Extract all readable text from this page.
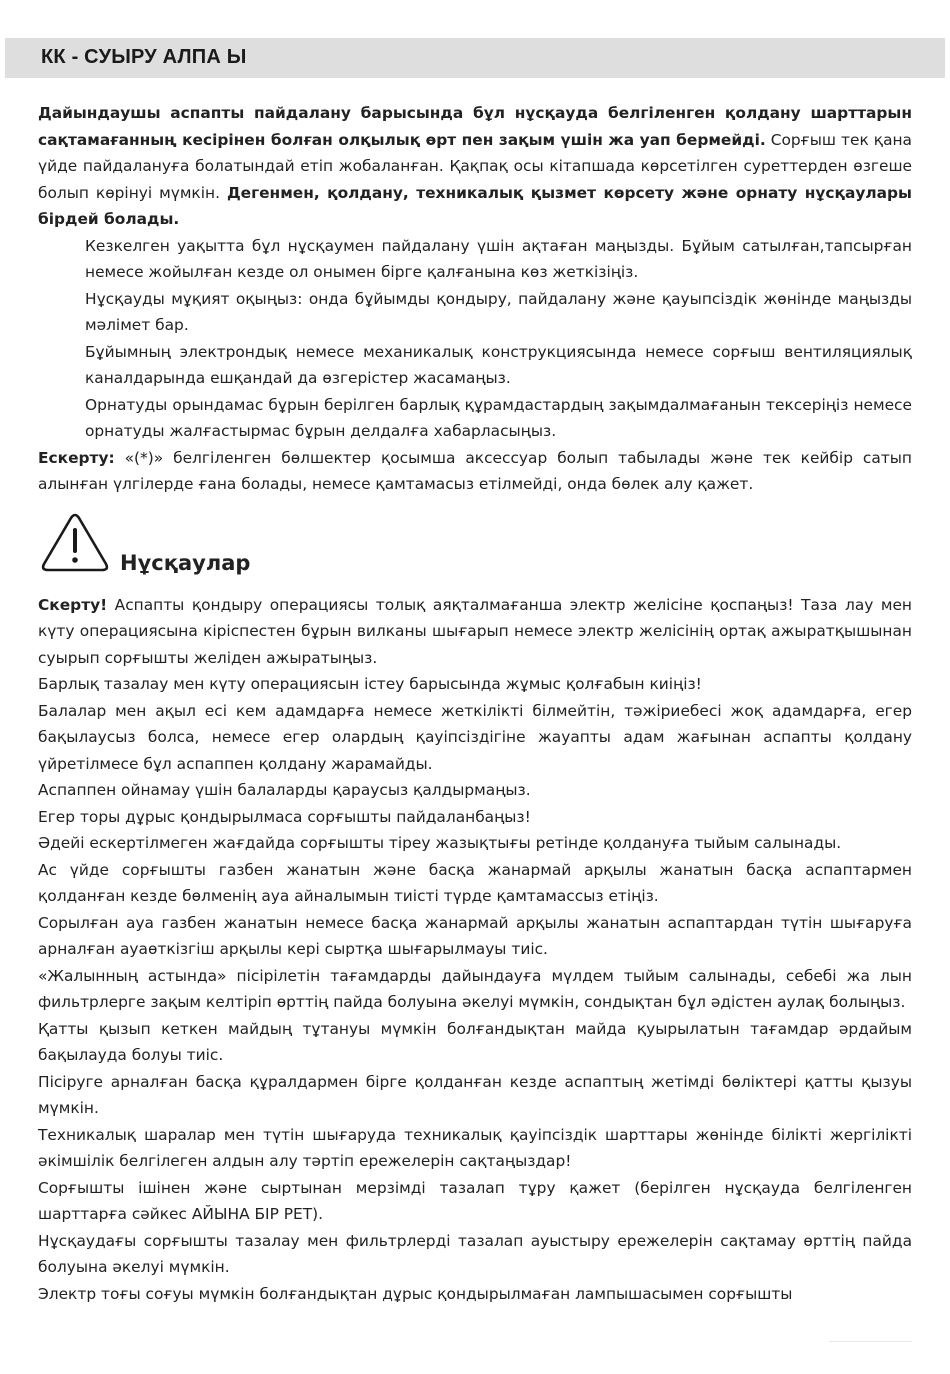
КК - СУЫРУ АЛПА Ы

Дайындаушы аспапты пайдалану барысында бұл нұсқауда белгіленген қолдану шарттарын сақтамағанның кесірінен болған олқылық өрт пен зақым үшін жа уап бермейді. Сорғыш тек қана үйде пайдалануға болатындай етіп жобаланған. Қақпақ осы кітапшада көрсетілген суреттерден өзгеше болып көрінуі мүмкін. Дегенмен, қолдану, техникалық қызмет көрсету және орнату нұсқаулары бірдей болады.

Кезкелген уақытта бұл нұсқаумен пайдалану үшін ақтаған маңызды. Бұйым сатылған,тапсырған немесе жойылған кезде ол онымен бірге қалғанына көз жеткізіңіз.

Нұсқауды мұқият оқыңыз: онда бұйымды қондыру, пайдалану және қауыпсіздік жөнінде маңызды мәлімет бар.

Бұйымның электрондық немесе механикалық конструкциясында немесе сорғыш вентиляциялық каналдарында ешқандай да өзгерістер жасамаңыз.

Орнатуды орындамас бұрын берілген барлық құрамдастардың зақымдалмағанын тексеріңіз немесе орнатуды жалғастырмас бұрын делдалға хабарласыңыз.

Ескерту: «(*)» белгіленген бөлшектер қосымша аксессуар болып табылады және тек кейбір сатып алынған үлгілерде ғана болады, немесе қамтамасыз етілмейді, онда бөлек алу қажет.

Нұсқаулар

Скерту! Аспапты қондыру операциясы толық аяқталмағанша электр желісіне қоспаңыз! Таза лау мен күту операциясына кіріспестен бұрын вилканы шығарып немесе электр желісінің ортақ ажыратқышынан суырып сорғышты желіден ажыратыңыз.

Барлық тазалау мен күту операциясын істеу барысында жұмыс қолғабын киіңіз!

Балалар мен ақыл есі кем адамдарға немесе жеткілікті білмейтін, тәжіриебесі жоқ адамдарға, егер бақылаусыз болса, немесе егер олардың қауіпсіздігіне жауапты адам жағынан аспапты қолдану үйретілмесе бұл аспаппен қолдану жарамайды.

Аспаппен ойнамау үшін балаларды қараусыз қалдырмаңыз.

Егер торы дұрыс қондырылмаса сорғышты пайдаланбаңыз!

Әдейі ескертілмеген жағдайда сорғышты тіреу жазықтығы ретінде қолдануға тыйым салынады.

Ас үйде сорғышты газбен жанатын және басқа жанармай арқылы жанатын басқа аспаптармен қолданған кезде бөлменің ауа айналымын тиісті түрде қамтамассыз етіңіз.

Сорылған ауа газбен жанатын немесе басқа жанармай арқылы жанатын аспаптардан түтін шығаруға арналған ауаөткізгіш арқылы кері сыртқа шығарылмауы тиіс.

«Жалынның астында» пісірілетін тағамдарды дайындауға мүлдем тыйым салынады, себебі жа лын фильтрлерге зақым келтіріп өрттің пайда болуына әкелуі мүмкін, сондықтан бұл әдістен аулақ болыңыз.

Қатты қызып кеткен майдың тұтануы мүмкін болғандықтан майда қуырылатын тағамдар әрдайым бақылауда болуы тиіс.

Пісіруге арналған басқа құралдармен бірге қолданған кезде аспаптың жетімді бөліктері қатты қызуы мүмкін.

Техникалық шаралар мен түтін шығаруда техникалық қауіпсіздік шарттары жөнінде білікті жергілікті әкімшілік белгілеген алдын алу тәртіп ережелерін сақтаңыздар!

Сорғышты ішінен және сыртынан мерзімді тазалап тұру қажет (берілген нұсқауда белгіленген шарттарға сәйкес АЙЫНА БІР РЕТ).

Нұсқаудағы сорғышты тазалау мен фильтрлерді тазалап ауыстыру ережелерін сақтамау өрттің пайда болуына әкелуі мүмкін.

Электр тоғы соғуы мүмкін болғандықтан дұрыс қондырылмаған лампышасымен сорғышты
